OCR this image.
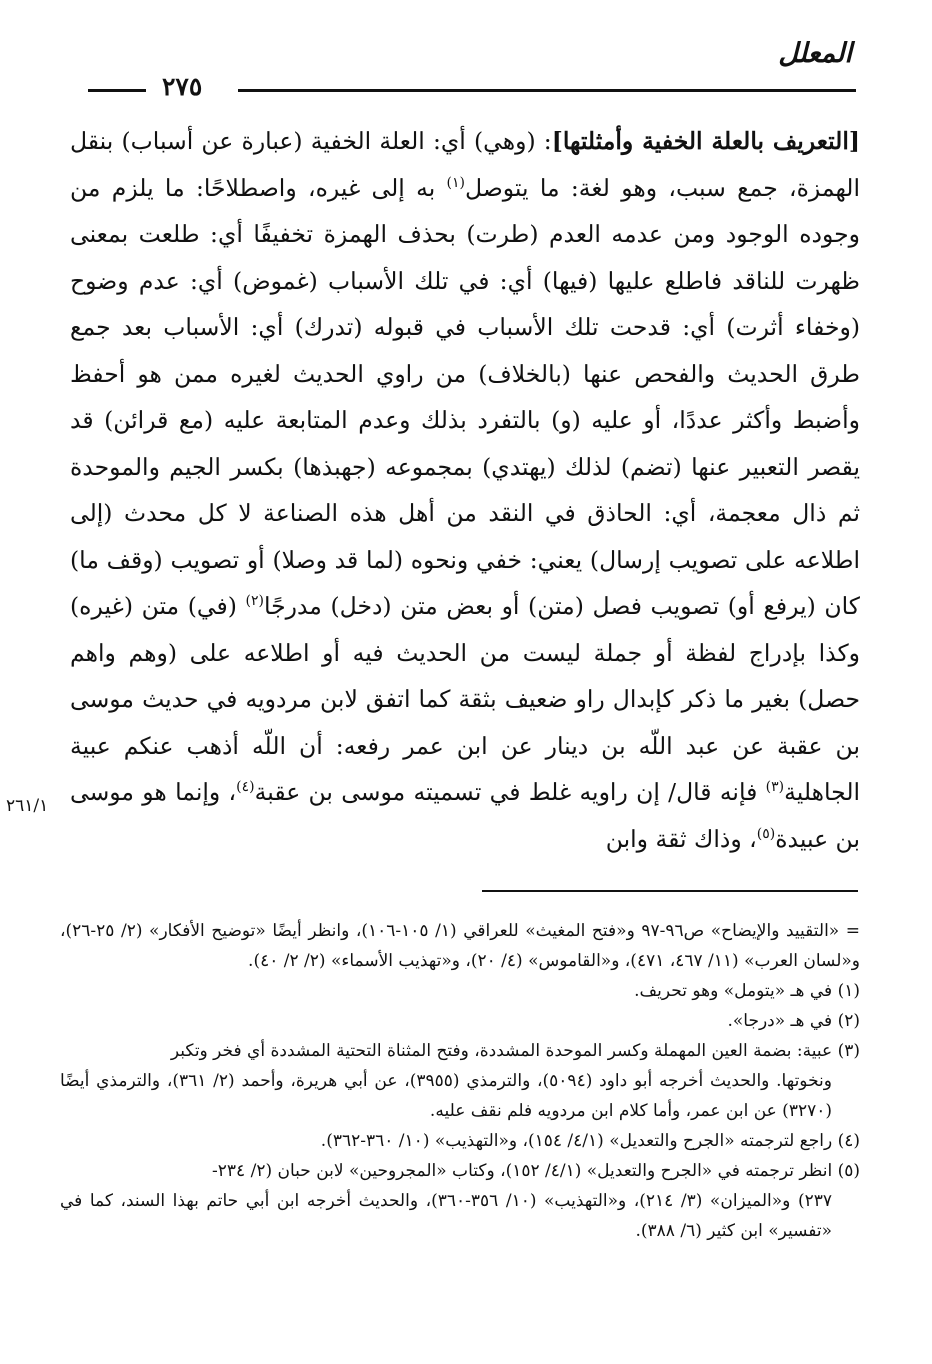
المعلل
٢٧٥

[التعريف بالعلة الخفية وأمثلتها]: (وهي) أي: العلة الخفية (عبارة عن أسباب) بنقل الهمزة، جمع سبب، وهو لغة: ما يتوصل$^{(١)}$ به إلى غيره، واصطلاحًا: ما يلزم من وجوده الوجود ومن عدمه العدم (طرت) بحذف الهمزة تخفيفًا أي: طلعت بمعنى ظهرت للناقد فاطلع عليها (فيها) أي: في تلك الأسباب (غموض) أي: عدم وضوح (وخفاء أثرت) أي: قدحت تلك الأسباب في قبوله (تدرك) أي: الأسباب بعد جمع طرق الحديث والفحص عنها (بالخلاف) من راوي الحديث لغيره ممن هو أحفظ وأضبط وأكثر عددًا، أو عليه (و) بالتفرد بذلك وعدم المتابعة عليه (مع قرائن) قد يقصر التعبير عنها (تضم) لذلك (يهتدي) بمجموعه (جهبذها) بكسر الجيم والموحدة ثم ذال معجمة، أي: الحاذق في النقد من أهل هذه الصناعة لا كل محدث (إلى اطلاعه على تصويب إرسال) يعني: خفي ونحوه (لما قد وصلا) أو تصويب (وقف ما) كان (يرفع أو) تصويب فصل (متن) أو بعض متن (دخل) مدرجًا$^{(٢)}$ (في) متن (غيره) وكذا بإدراج لفظة أو جملة ليست من الحديث فيه أو اطلاعه على (وهم واهم حصل) بغير ما ذكر كإبدال راو ضعيف بثقة كما اتفق لابن مردويه في حديث موسى بن عقبة عن عبد اللّه بن دينار عن ابن عمر رفعه: أن اللّه أذهب عنكم عبية الجاهلية$^{(٣)}$ فإنه قال/ إن راويه غلط في تسميته موسى بن عقبة$^{(٤)}$، وإنما هو موسى بن عبيدة$^{(٥)}$، وذاك ثقة وابن

٢٦١/١

= «التقييد والإيضاح» ص٩٦-٩٧ و«فتح المغيث» للعراقي (١/ ١٠٥-١٠٦)، وانظر أيضًا «توضيح الأفكار» (٢/ ٢٥-٢٦)، و«لسان العرب» (١١/ ٤٦٧، ٤٧١)، و«القاموس» (٤/ ٢٠)، و«تهذيب الأسماء» (٢/ ٢/ ٤٠).

(١) في هـ «يتومل» وهو تحريف.

(٢) في هـ «درجا».

(٣) عبية: بضمة العين المهملة وكسر الموحدة المشددة، وفتح المثناة التحتية المشددة أي فخر وتكبر
ونخوتها. والحديث أخرجه أبو داود (٥٠٩٤)، والترمذي (٣٩٥٥)، عن أبي هريرة، وأحمد (٢/ ٣٦١)، والترمذي أيضًا (٣٢٧٠) عن ابن عمر، وأما كلام ابن مردويه فلم نقف عليه.

(٤) راجع لترجمته «الجرح والتعديل» (٤/١/ ١٥٤)، و«التهذيب» (١٠/ ٣٦٠-٣٦٢).

(٥) انظر ترجمته في «الجرح والتعديل» (٤/١/ ١٥٢)، وكتاب «المجروحين» لابن حبان (٢/ ٢٣٤-
٢٣٧) و«الميزان» (٣/ ٢١٤)، و«التهذيب» (١٠/ ٣٥٦-٣٦٠)، والحديث أخرجه ابن أبي حاتم بهذا السند، كما في «تفسير» ابن كثير (٦/ ٣٨٨).
